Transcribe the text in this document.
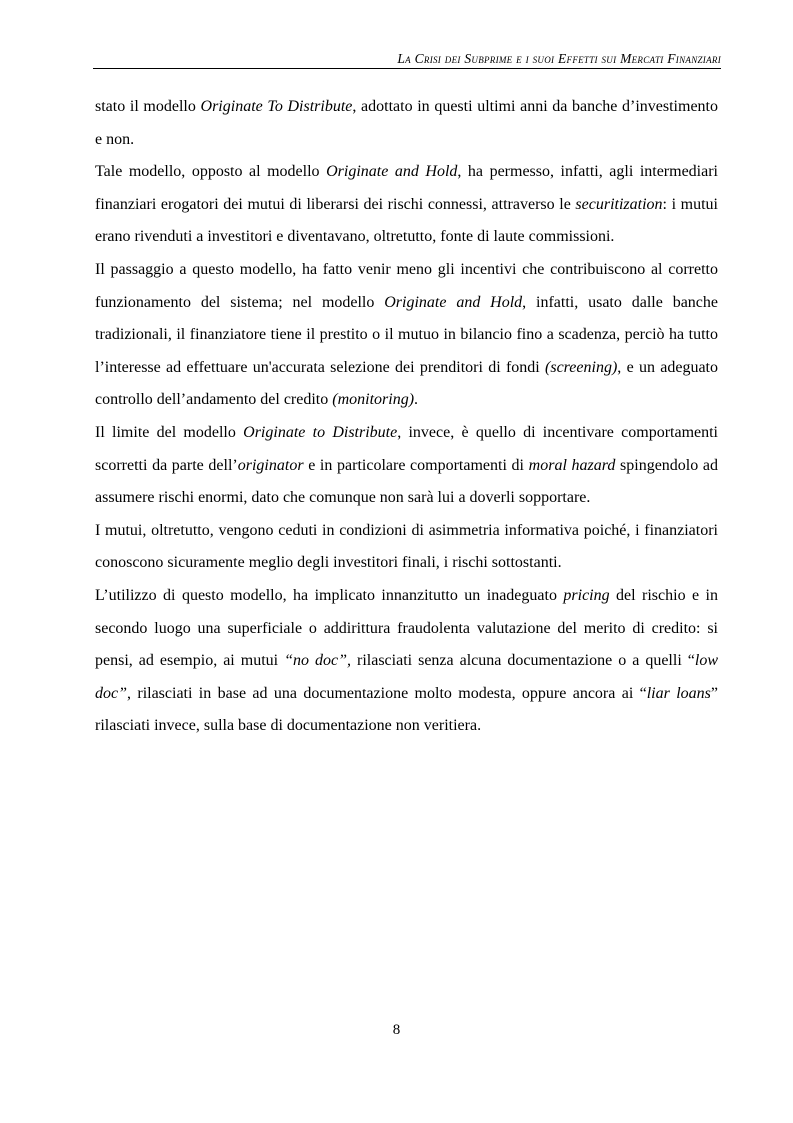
La Crisi dei Subprime e i suoi Effetti sui Mercati Finanziari

stato il modello Originate To Distribute, adottato in questi ultimi anni da banche d’investimento e non.

Tale modello, opposto al modello Originate and Hold, ha permesso, infatti, agli intermediari finanziari erogatori dei mutui di liberarsi dei rischi connessi, attraverso le securitization: i mutui erano rivenduti a investitori e diventavano, oltretutto, fonte di laute commissioni.

Il passaggio a questo modello, ha fatto venir meno gli incentivi che contribuiscono al corretto funzionamento del sistema; nel modello Originate and Hold, infatti, usato dalle banche tradizionali, il finanziatore tiene il prestito o il mutuo in bilancio fino a scadenza, perciò ha tutto l’interesse ad effettuare un'accurata selezione dei prenditori di fondi (screening), e un adeguato controllo dell’andamento del credito (monitoring).

Il limite del modello Originate to Distribute, invece, è quello di incentivare comportamenti scorretti da parte dell’originator e in particolare comportamenti di moral hazard spingendolo ad assumere rischi enormi, dato che comunque non sarà lui a doverli sopportare.

I mutui, oltretutto, vengono ceduti in condizioni di asimmetria informativa poiché, i finanziatori conoscono sicuramente meglio degli investitori finali, i rischi sottostanti.

L’utilizzo di questo modello, ha implicato innanzitutto un inadeguato pricing del rischio e in secondo luogo una superficiale o addirittura fraudolenta valutazione del merito di credito: si pensi, ad esempio, ai mutui “no doc”, rilasciati senza alcuna documentazione o a quelli “low doc”, rilasciati in base ad una documentazione molto modesta, oppure ancora ai “liar loans” rilasciati invece, sulla base di documentazione non veritiera.

8
